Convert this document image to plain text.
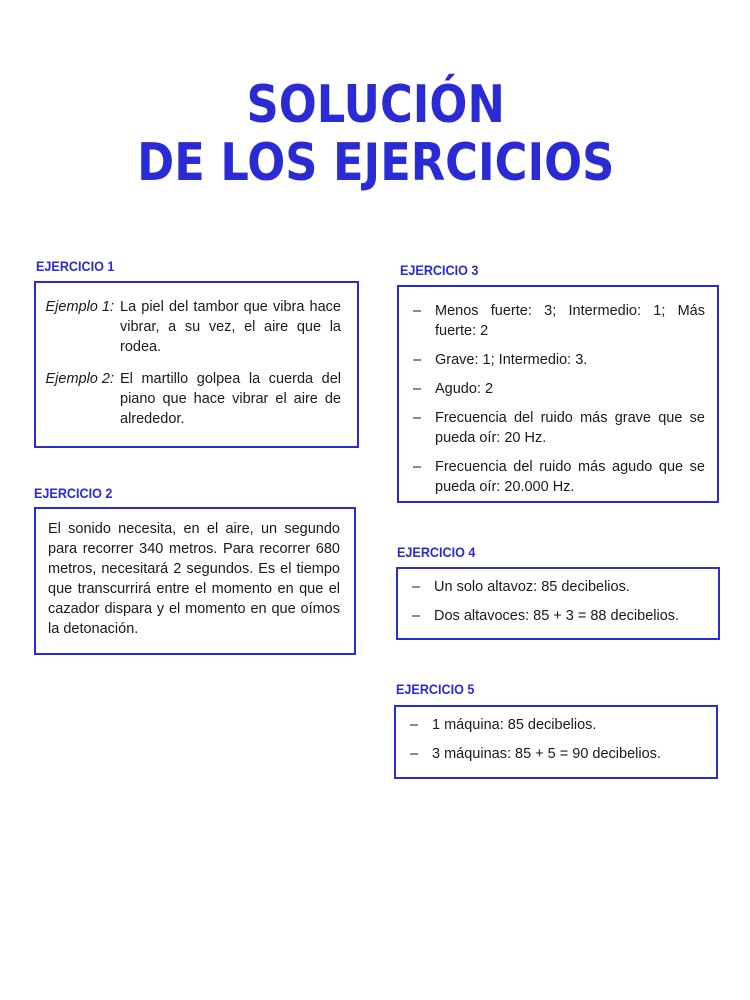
SOLUCIÓN
DE LOS EJERCICIOS
EJERCICIO 1
Ejemplo 1: La piel del tambor que vibra hace vibrar, a su vez, el aire que la rodea.
Ejemplo 2: El martillo golpea la cuerda del piano que hace vibrar el aire de alrededor.
EJERCICIO 2
El sonido necesita, en el aire, un segundo para recorrer 340 metros. Para recorrer 680 metros, necesitará 2 segundos. Es el tiempo que transcurrirá entre el momento en que el cazador dispara y el momento en que oímos la detonación.
EJERCICIO 3
– Menos fuerte: 3; Intermedio: 1; Más fuerte: 2
– Grave: 1; Intermedio: 3.
– Agudo: 2
– Frecuencia del ruido más grave que se pueda oír: 20 Hz.
– Frecuencia del ruido más agudo que se pueda oír: 20.000 Hz.
EJERCICIO 4
– Un solo altavoz: 85 decibelios.
– Dos altavoces: 85 + 3 = 88 decibelios.
EJERCICIO 5
– 1 máquina: 85 decibelios.
– 3 máquinas: 85 + 5 = 90 decibelios.
